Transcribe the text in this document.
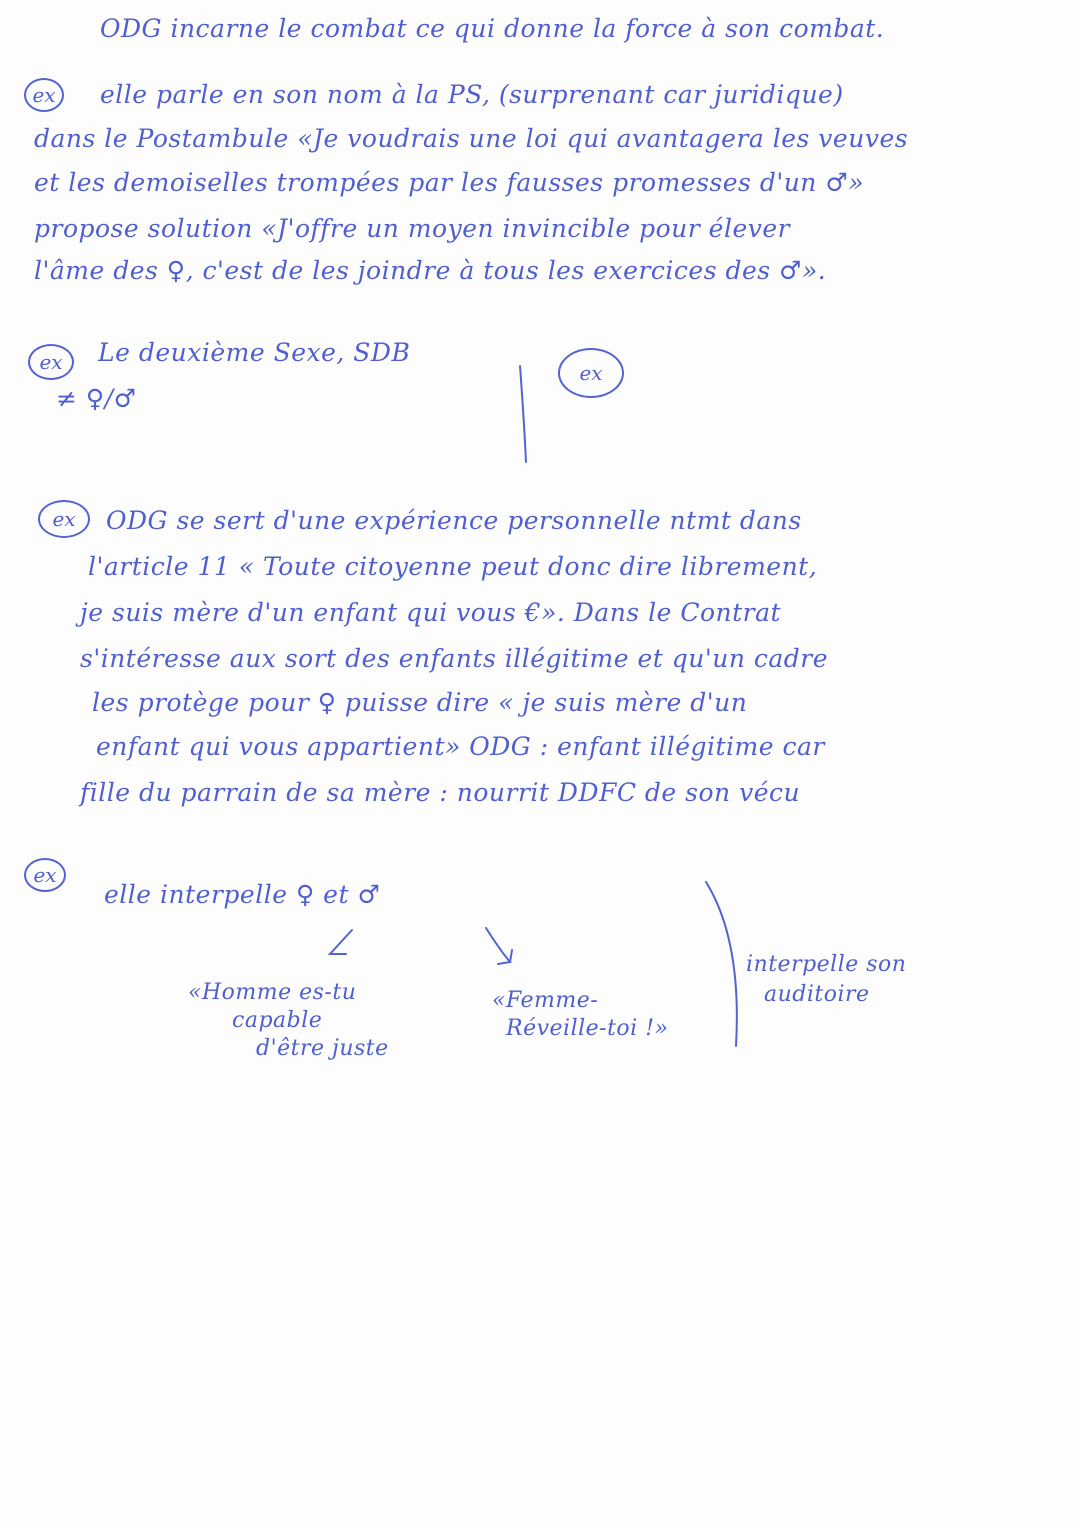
ODG incarne le combat ce qui donne la force à son combat.
ex elle parle en son nom à la PS, (surprenant car juridique)
dans le Postambule «Je voudrais une loi qui avantagera les veuves
et les demoiselles trompées par les fausses promesses d'un ♂»
propose solution «J'offre un moyen invincible pour élever
l'âme des ♀, c'est de les joindre à tous les exercices des ♂».
ex Le deuxième Sexe, SDB
≠ ♀/♂
ex
ex ODG se sert d'une expérience personnelle ntmt dans
l'article 11 « Toute citoyenne peut donc dire librement,
je suis mère d'un enfant qui vous €». Dans le Contrat
s'intéresse aux sort des enfants illégitime et qu'un cadre
les protège pour ♀ puisse dire « je suis mère d'un
enfant qui vous appartient» ODG : enfant illégitime car
fille du parrain de sa mère : nourrit DDFC de son vécu
ex
elle interpelle ♀ et ♂
«Homme es-tu
capable
d'être juste
«Femme-
Réveille-toi !»
interpelle son
auditoire
